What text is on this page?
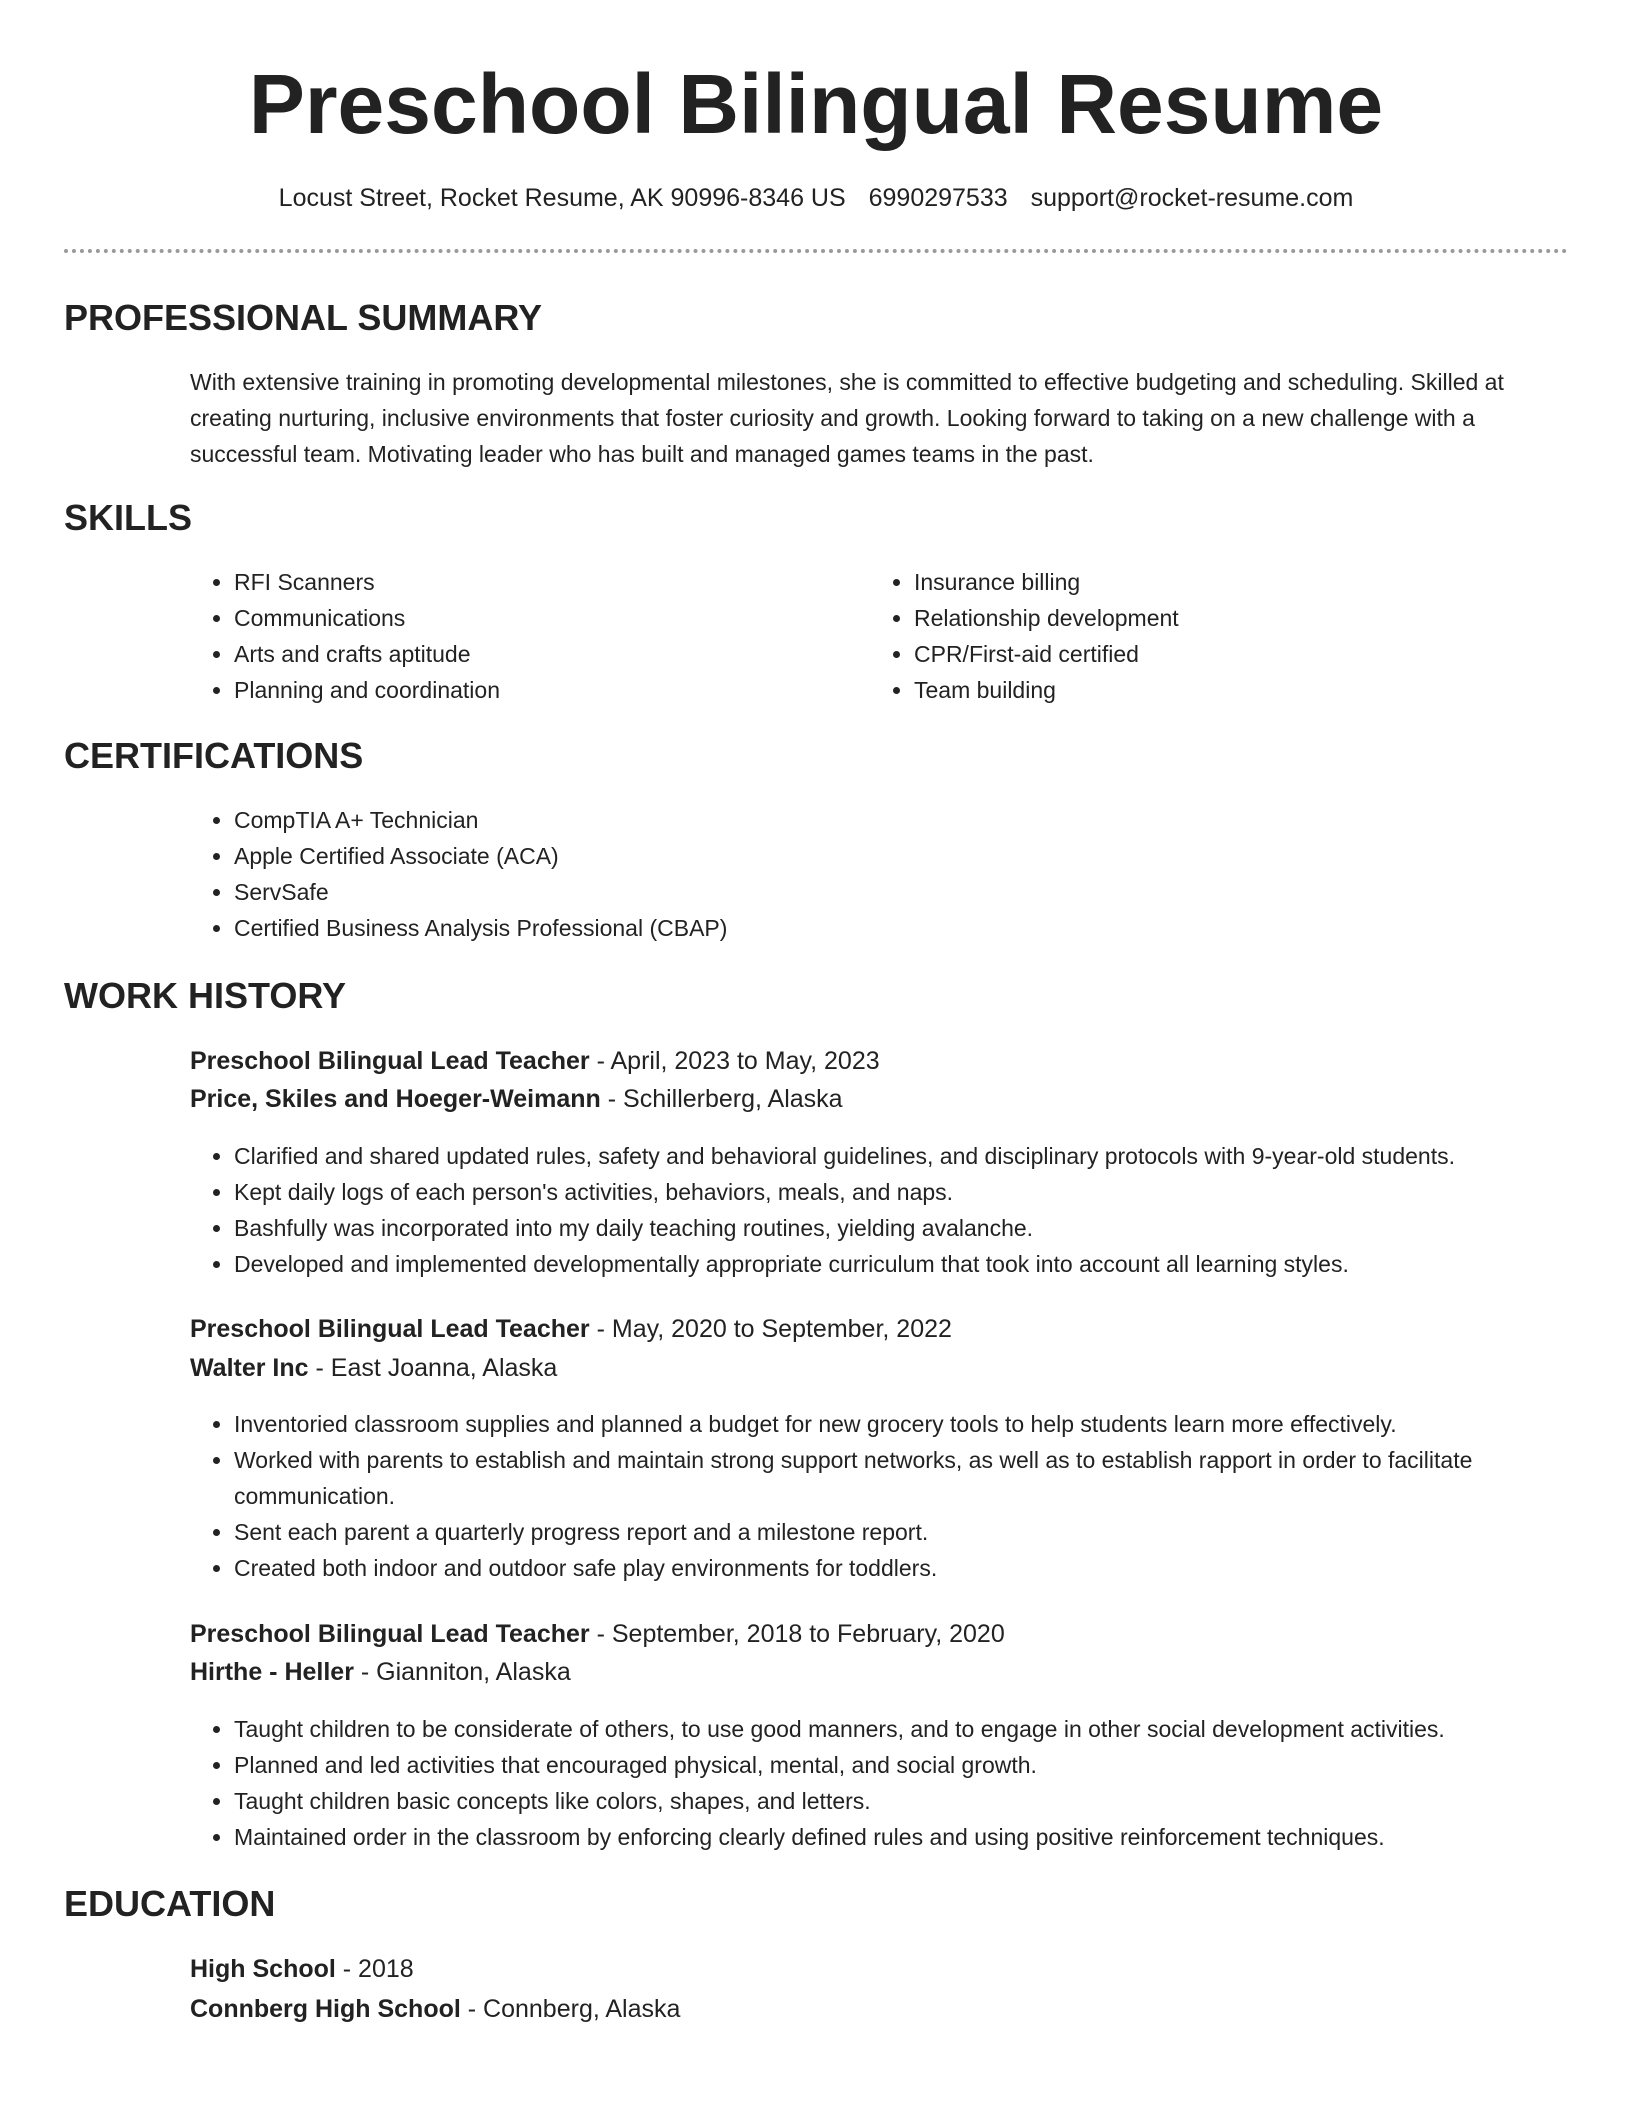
Preschool Bilingual Resume
Locust Street, Rocket Resume, AK 90996-8346 US 6990297533 support@rocket-resume.com
PROFESSIONAL SUMMARY
With extensive training in promoting developmental milestones, she is committed to effective budgeting and scheduling. Skilled at creating nurturing, inclusive environments that foster curiosity and growth. Looking forward to taking on a new challenge with a successful team. Motivating leader who has built and managed games teams in the past.
SKILLS
• RFI Scanners
• Communications
• Arts and crafts aptitude
• Planning and coordination
• Insurance billing
• Relationship development
• CPR/First-aid certified
• Team building
CERTIFICATIONS
• CompTIA A+ Technician
• Apple Certified Associate (ACA)
• ServSafe
• Certified Business Analysis Professional (CBAP)
WORK HISTORY
Preschool Bilingual Lead Teacher - April, 2023 to May, 2023
Price, Skiles and Hoeger-Weimann - Schillerberg, Alaska
• Clarified and shared updated rules, safety and behavioral guidelines, and disciplinary protocols with 9-year-old students.
• Kept daily logs of each person's activities, behaviors, meals, and naps.
• Bashfully was incorporated into my daily teaching routines, yielding avalanche.
• Developed and implemented developmentally appropriate curriculum that took into account all learning styles.
Preschool Bilingual Lead Teacher - May, 2020 to September, 2022
Walter Inc - East Joanna, Alaska
• Inventoried classroom supplies and planned a budget for new grocery tools to help students learn more effectively.
• Worked with parents to establish and maintain strong support networks, as well as to establish rapport in order to facilitate communication.
• Sent each parent a quarterly progress report and a milestone report.
• Created both indoor and outdoor safe play environments for toddlers.
Preschool Bilingual Lead Teacher - September, 2018 to February, 2020
Hirthe - Heller - Gianniton, Alaska
• Taught children to be considerate of others, to use good manners, and to engage in other social development activities.
• Planned and led activities that encouraged physical, mental, and social growth.
• Taught children basic concepts like colors, shapes, and letters.
• Maintained order in the classroom by enforcing clearly defined rules and using positive reinforcement techniques.
EDUCATION
High School - 2018
Connberg High School - Connberg, Alaska
